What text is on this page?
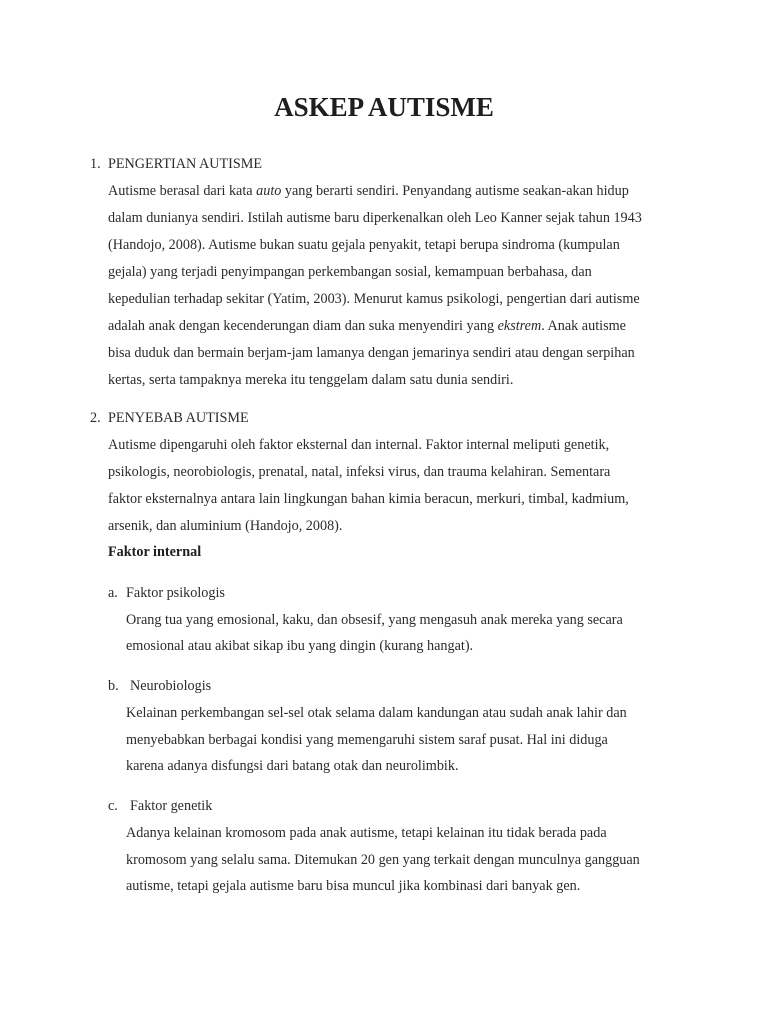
ASKEP AUTISME
1. PENGERTIAN AUTISME
Autisme berasal dari kata auto yang berarti sendiri. Penyandang autisme seakan-akan hidup
dalam dunianya sendiri. Istilah autisme baru diperkenalkan oleh Leo Kanner sejak tahun 1943
(Handojo, 2008). Autisme bukan suatu gejala penyakit, tetapi berupa sindroma (kumpulan
gejala) yang terjadi penyimpangan perkembangan sosial, kemampuan berbahasa, dan
kepedulian terhadap sekitar (Yatim, 2003). Menurut kamus psikologi, pengertian dari autisme
adalah anak dengan kecenderungan diam dan suka menyendiri yang ekstrem. Anak autisme
bisa duduk dan bermain berjam-jam lamanya dengan jemarinya sendiri atau dengan serpihan
kertas, serta tampaknya mereka itu tenggelam dalam satu dunia sendiri.
2. PENYEBAB AUTISME
Autisme dipengaruhi oleh faktor eksternal dan internal. Faktor internal meliputi genetik,
psikologis, neorobiologis, prenatal, natal, infeksi virus, dan trauma kelahiran. Sementara
faktor eksternalnya antara lain lingkungan bahan kimia beracun, merkuri, timbal, kadmium,
arsenik, dan aluminium (Handojo, 2008).
Faktor internal
a. Faktor psikologis
Orang tua yang emosional, kaku, dan obsesif, yang mengasuh anak mereka yang secara
emosional atau akibat sikap ibu yang dingin (kurang hangat).
b. Neurobiologis
Kelainan perkembangan sel-sel otak selama dalam kandungan atau sudah anak lahir dan
menyebabkan berbagai kondisi yang memengaruhi sistem saraf pusat. Hal ini diduga
karena adanya disfungsi dari batang otak dan neurolimbik.
c. Faktor genetik
Adanya kelainan kromosom pada anak autisme, tetapi kelainan itu tidak berada pada
kromosom yang selalu sama. Ditemukan 20 gen yang terkait dengan munculnya gangguan
autisme, tetapi gejala autisme baru bisa muncul jika kombinasi dari banyak gen.
